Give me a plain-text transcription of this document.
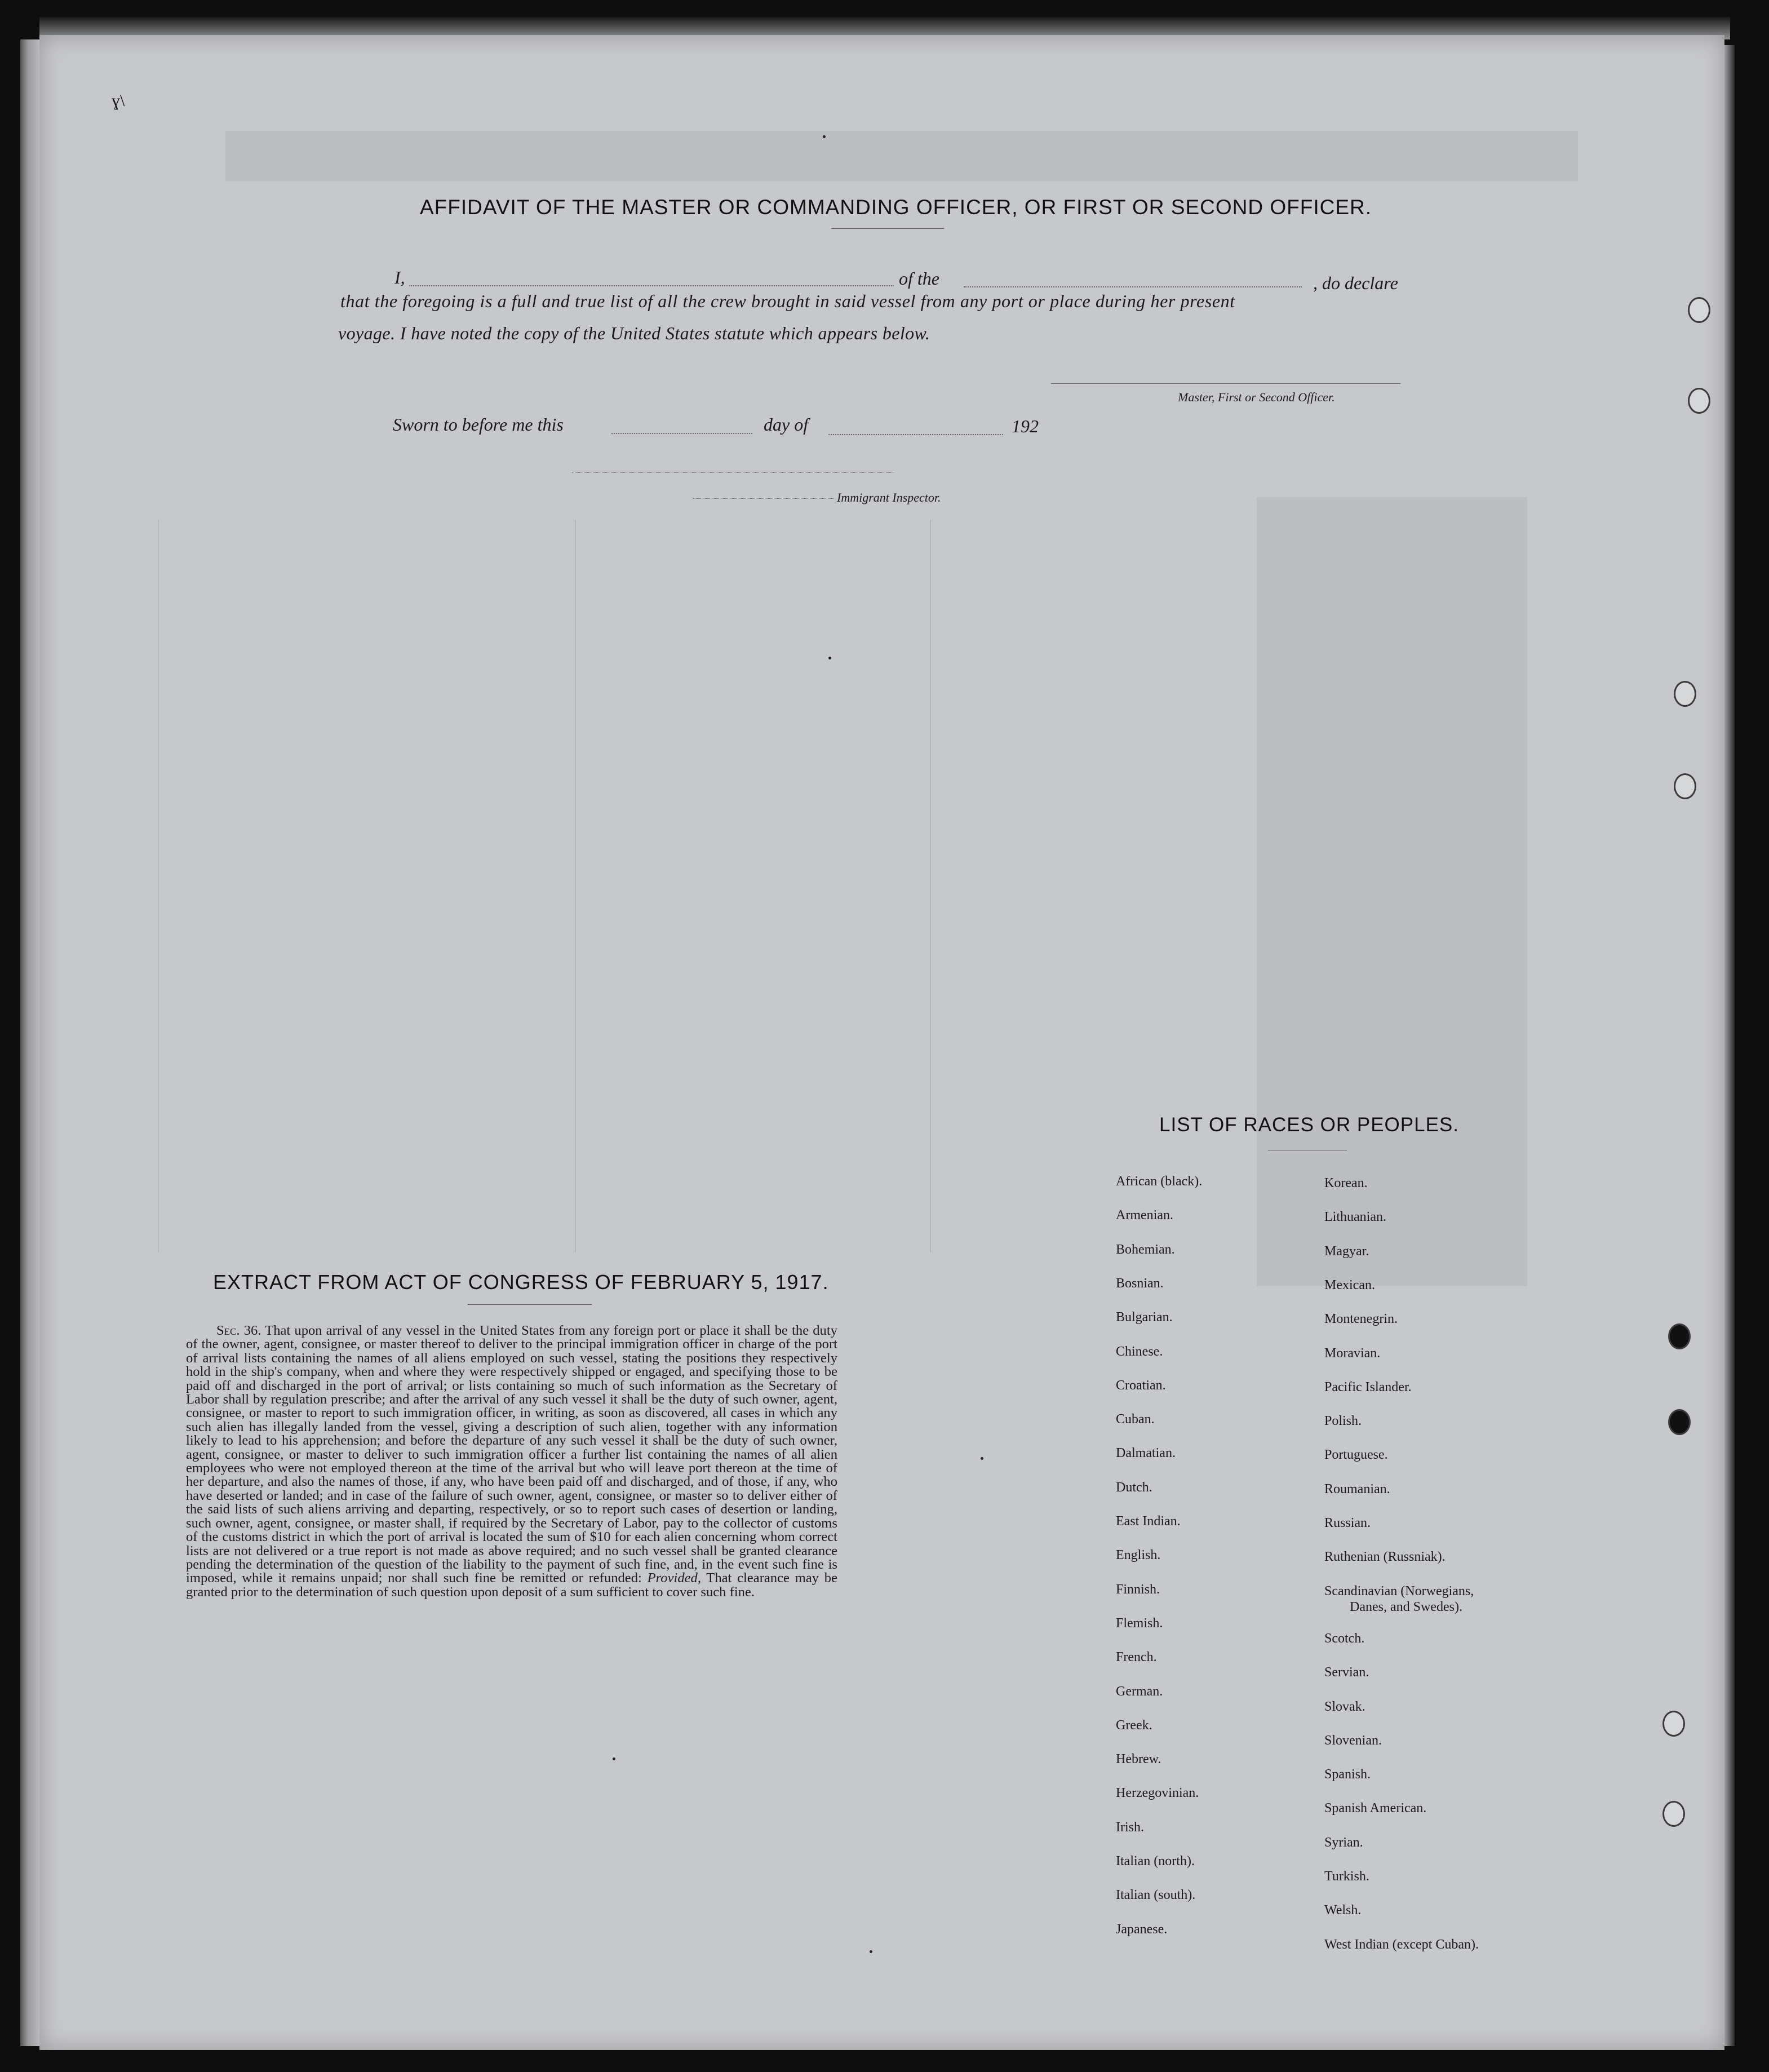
ɣ\
AFFIDAVIT OF THE MASTER OR COMMANDING OFFICER, OR FIRST OR SECOND OFFICER.
I,	of the	, do declare
that the foregoing is a full and true list of all the crew brought in said vessel from any port or place during her present
voyage. I have noted the copy of the United States statute which appears below.
Master, First or Second Officer.
Sworn to before me this	day of	192
Immigrant Inspector.
EXTRACT FROM ACT OF CONGRESS OF FEBRUARY 5, 1917.
Sec. 36. That upon arrival of any vessel in the United States from any foreign port or place it shall be the duty of the owner, agent, consignee, or master thereof to deliver to the principal immigration officer in charge of the port of arrival lists containing the names of all aliens employed on such vessel, stating the positions they respectively hold in the ship's company, when and where they were respectively shipped or engaged, and specifying those to be paid off and discharged in the port of arrival; or lists containing so much of such information as the Secretary of Labor shall by regulation prescribe; and after the arrival of any such vessel it shall be the duty of such owner, agent, consignee, or master to report to such immigration officer, in writing, as soon as discovered, all cases in which any such alien has illegally landed from the vessel, giving a description of such alien, together with any information likely to lead to his apprehension; and before the departure of any such vessel it shall be the duty of such owner, agent, consignee, or master to deliver to such immigration officer a further list containing the names of all alien employees who were not employed thereon at the time of the arrival but who will leave port thereon at the time of her departure, and also the names of those, if any, who have been paid off and discharged, and of those, if any, who have deserted or landed; and in case of the failure of such owner, agent, consignee, or master so to deliver either of the said lists of such aliens arriving and departing, respectively, or so to report such cases of desertion or landing, such owner, agent, consignee, or master shall, if required by the Secretary of Labor, pay to the collector of customs of the customs district in which the port of arrival is located the sum of $10 for each alien concerning whom correct lists are not delivered or a true report is not made as above required; and no such vessel shall be granted clearance pending the determination of the question of the liability to the payment of such fine, and, in the event such fine is imposed, while it remains unpaid; nor shall such fine be remitted or refunded: Provided, That clearance may be granted prior to the determination of such question upon deposit of a sum sufficient to cover such fine.
LIST OF RACES OR PEOPLES.
African (black).
Armenian.
Bohemian.
Bosnian.
Bulgarian.
Chinese.
Croatian.
Cuban.
Dalmatian.
Dutch.
East Indian.
English.
Finnish.
Flemish.
French.
German.
Greek.
Hebrew.
Herzegovinian.
Irish.
Italian (north).
Italian (south).
Japanese.
Korean.
Lithuanian.
Magyar.
Mexican.
Montenegrin.
Moravian.
Pacific Islander.
Polish.
Portuguese.
Roumanian.
Russian.
Ruthenian (Russniak).
Scandinavian (Norwegians,
Danes, and Swedes).
Scotch.
Servian.
Slovak.
Slovenian.
Spanish.
Spanish American.
Syrian.
Turkish.
Welsh.
West Indian (except Cuban).
